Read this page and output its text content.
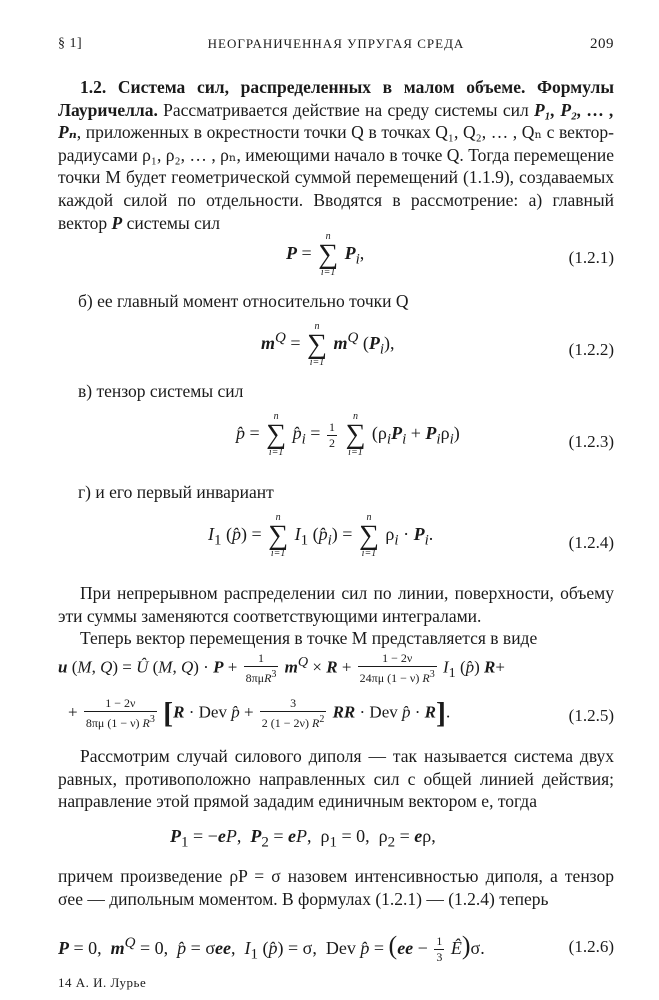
§ 1]	НЕОГРАНИЧЕННАЯ УПРУГАЯ СРЕДА	209
1.2. Система сил, распределенных в малом объеме. Формулы Лауричелла. Рассматривается действие на среду системы сил P₁, P₂, … , Pₙ, приложенных в окрестности точки Q в точках Q₁, Q₂, … , Qₙ с вектор-радиусами ρ₁, ρ₂, … , ρₙ, имеющими начало в точке Q. Тогда перемещение точки M будет геометрической суммой перемещений (1.1.9), создаваемых каждой силой по отдельности. Вводятся в рассмотрение: а) главный вектор P системы сил
P =
n
∑
i=1
$P_i$,	(1.2.1)
б) ее главный момент относительно точки Q
$m^Q$ =
n
∑
i=1
$m^Q$ $(P_i)$,	(1.2.2)
в) тензор системы сил
p̂ =
n
∑
i=1
$p̂_i = \frac{1}{2}$

n
∑
i=1
$(\rho_iP_i + P_i\rho_i)$	(1.2.3)
г) и его первый инвариант
$I_1$ (p̂) =
n
∑
i=1
$I_1$ $(p̂_i)$ =
n
∑
i=1
$\rho_i \cdot P_i$.	(1.2.4)
При непрерывном распределении сил по линии, поверхности, объему эти суммы заменяются соответствующими интегралами.
Теперь вектор перемещения в точке M представляется в виде
u (M, Q) = Û (M, $Q) \cdot P + \frac{1}{8\pi\mu R^3} m^Q \times R + \frac{1 - 2\nu}{24\pi\mu (1 - \nu) R^3} I_1$ (p̂) R+
+ $\frac{1 - 2\nu}{8\pi\mu (1 - \nu) R^3} [R$ · Dev p̂ + $\frac{3}{2 (1 - 2\nu) R^2}$ RR · Dev p̂ · R].	(1.2.5)
Рассмотрим случай силового диполя — так называется система двух равных, противоположно направленных сил с общей линией действия; направление этой прямой зададим единичным вектором e, тогда
$P_1 = -eP$,  $P_2$ = eP,  $\rho_1 = 0$,  $\rho_2 = e\rho$,
причем произведение ρP = σ назовем интенсивностью диполя, а тензор σee — дипольным моментом. В формулах (1.2.1) — (1.2.4) теперь
P = 0,  $m^Q = 0$,  p̂ = σee,  $I_1$ (p̂) = σ,  Dev p̂ = ($ee - \frac{1}{3}$ Ê)σ.	(1.2.6)
14 А. И. Лурье
